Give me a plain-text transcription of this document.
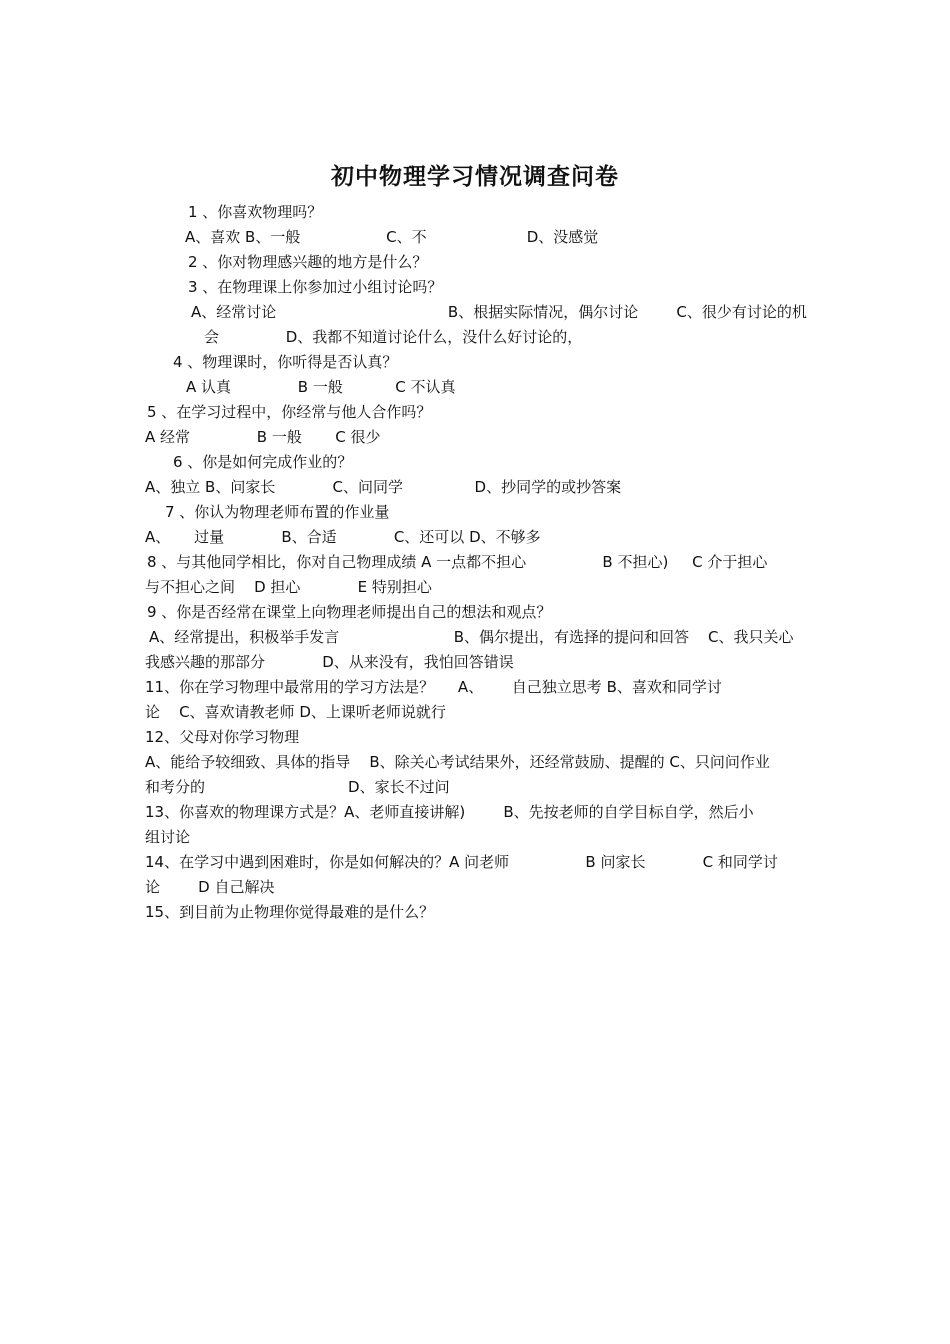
初中物理学习情况调查问卷
1 、你喜欢物理吗？
A、喜欢 B、一般                  C、不                     D、没感觉
2 、你对物理感兴趣的地方是什么？
3 、在物理课上你参加过小组讨论吗？
A、经常讨论                                    B、根据实际情况，偶尔讨论        C、很少有讨论的机
会              D、我都不知道讨论什么，没什么好讨论的，
4 、物理课时，你听得是否认真？
A 认真              B 一般           C 不认真
5 、在学习过程中，你经常与他人合作吗？
A 经常              B 一般       C 很少
6 、你是如何完成作业的？
A、独立 B、问家长            C、问同学               D、抄同学的或抄答案
7 、你认为物理老师布置的作业量
A、     过量            B、合适            C、还可以 D、不够多
8 、与其他同学相比，你对自己物理成绩 A 一点都不担心                B 不担心)     C 介于担心
与不担心之间    D 担心            E 特别担心
9 、你是否经常在课堂上向物理老师提出自己的想法和观点？
A、经常提出，积极举手发言                        B、偶尔提出，有选择的提问和回答    C、我只关心
我感兴趣的那部分            D、从来没有，我怕回答错误
11、你在学习物理中最常用的学习方法是？     A、      自己独立思考 B、喜欢和同学讨
论    C、喜欢请教老师 D、上课听老师说就行
12、父母对你学习物理
A、能给予较细致、具体的指导    B、除关心考试结果外，还经常鼓励、提醒的 C、只问问作业
和考分的                              D、家长不过问
13、你喜欢的物理课方式是？A、老师直接讲解)        B、先按老师的自学目标自学，然后小
组讨论
14、在学习中遇到困难时，你是如何解决的？A 问老师                B 问家长            C 和同学讨
论        D 自己解决
15、到目前为止物理你觉得最难的是什么？
